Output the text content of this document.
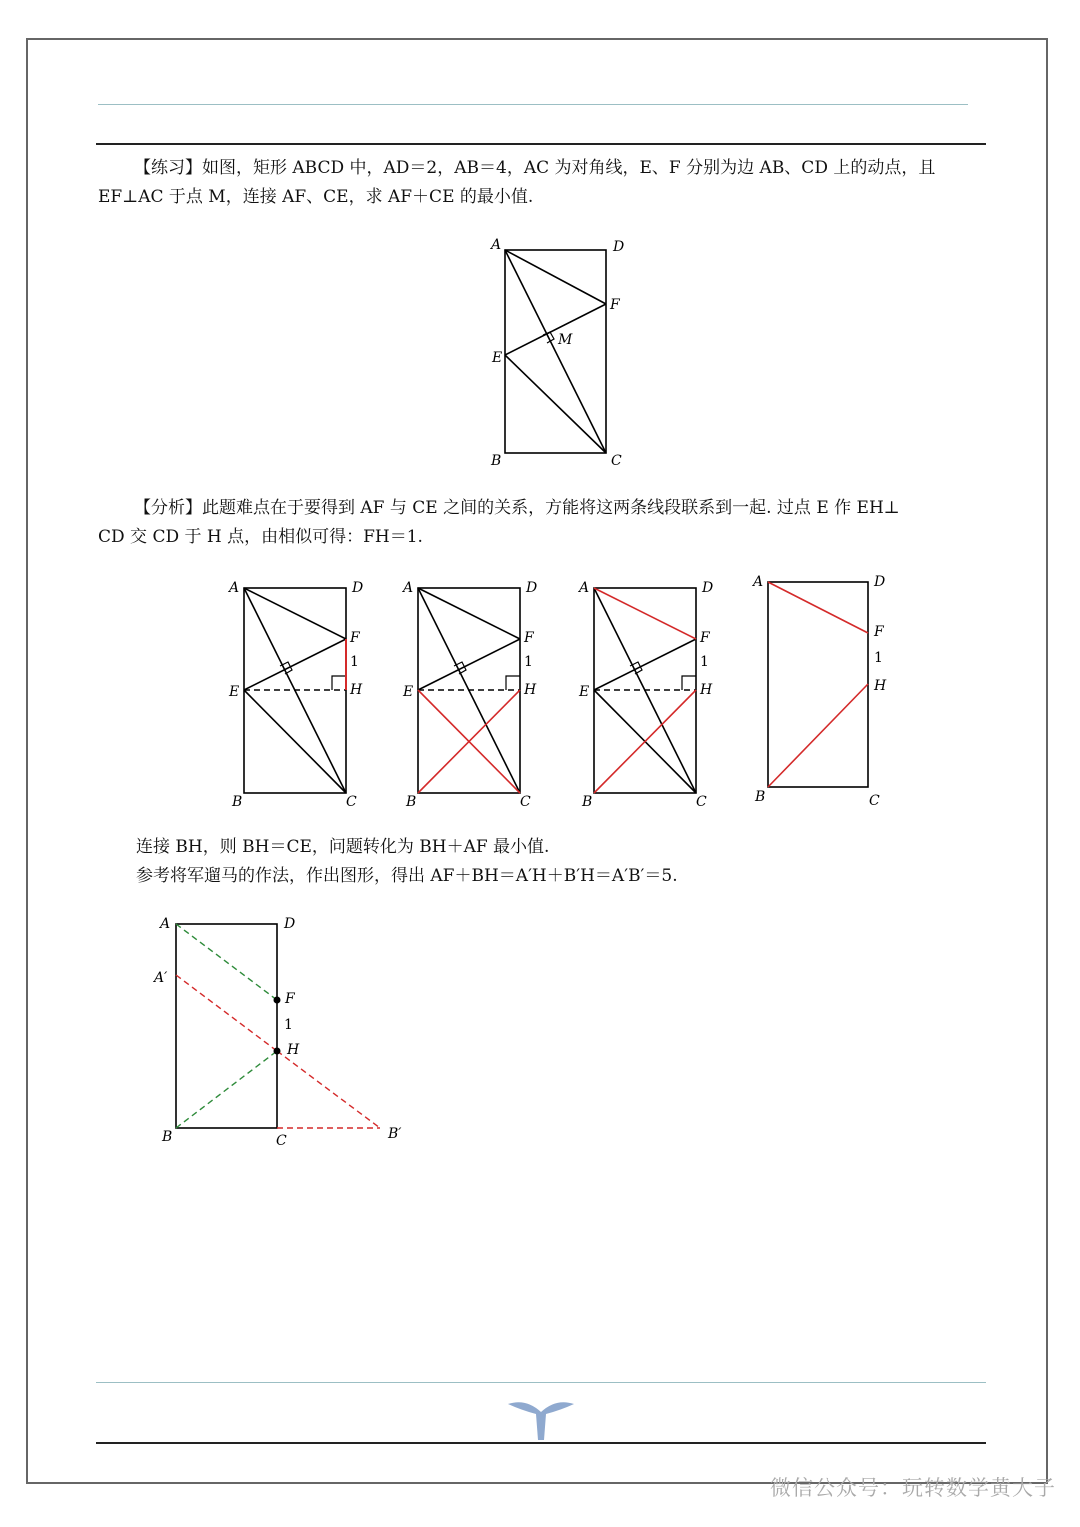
【练习】如图，矩形 ABCD 中，AD＝2，AB＝4，AC 为对角线，E、F 分别为边 AB、CD 上的动点，且
EF⊥AC 于点 M，连接 AF、CE，求 AF＋CE 的最小值.
A	D
F
M
E
B	C
【分析】此题难点在于要得到 AF 与 CE 之间的关系，方能将这两条线段联系到一起. 过点 E 作 EH⊥
CD 交 CD 于 H 点，由相似可得：FH＝1.
A	D
F
1
E	H
B	C
A	D
F
1
E	H
B	C
A	D
F
1
E	H
B	C
A	D
F
1
H
B	C
连接 BH，则 BH＝CE，问题转化为 BH＋AF 最小值.
参考将军遛马的作法，作出图形，得出 AF＋BH＝A′H＋B′H＝A′B′＝5.
A	D
A′
F
1
H
B	C	B′
微信公众号：玩转数学黄大子
